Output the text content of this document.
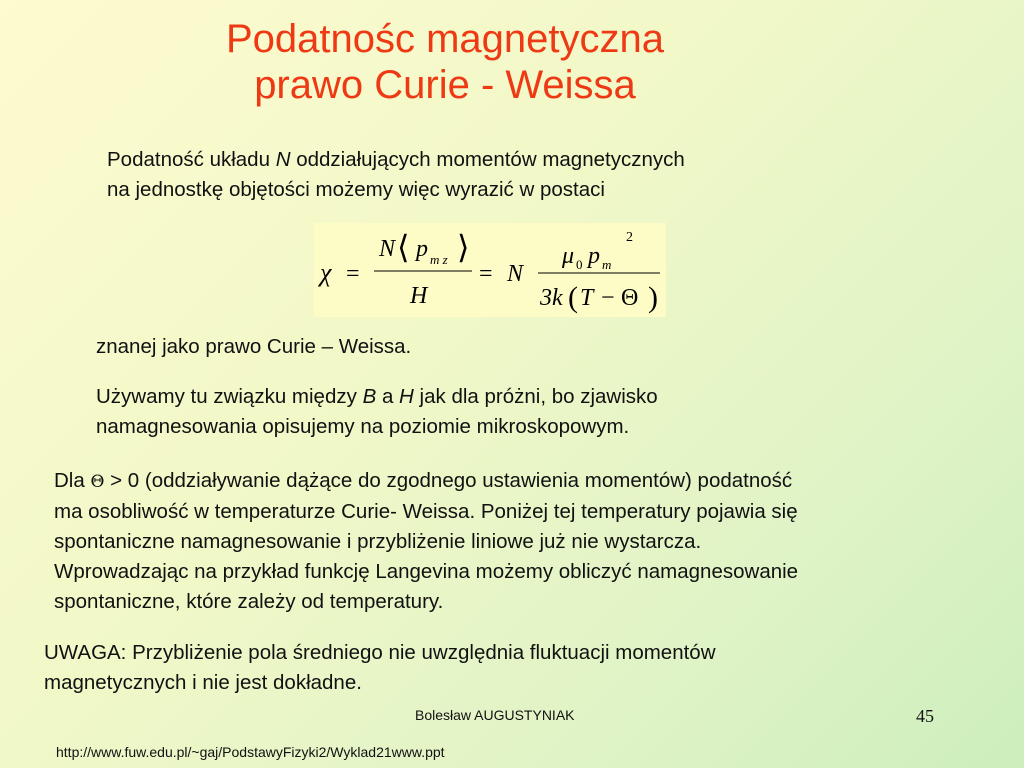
Podatnośc magnetyczna
prawo Curie - Weissa
Podatność układu N oddziałujących momentów magnetycznych
na jednostkę objętości możemy więc wyrazić w postaci
χ =
N ⟨ p m z ⟩
H
= N
μ 0 p m
2
3k ( T − Θ )
znanej jako prawo Curie – Weissa.
Używamy tu związku między B a H jak dla próżni, bo zjawisko
namagnesowania opisujemy na poziomie mikroskopowym.
Dla Θ > 0 (oddziaływanie dążące do zgodnego ustawienia momentów) podatność
ma osobliwość w temperaturze Curie- Weissa. Poniżej tej temperatury pojawia się
spontaniczne namagnesowanie i przybliżenie liniowe już nie wystarcza.
Wprowadzając na przykład funkcję Langevina możemy obliczyć namagnesowanie
spontaniczne, które zależy od temperatury.
UWAGA: Przybliżenie pola średniego nie uwzględnia fluktuacji momentów
magnetycznych i nie jest dokładne.
Bolesław AUGUSTYNIAK	45
http://www.fuw.edu.pl/~gaj/PodstawyFizyki2/Wyklad21www.ppt
